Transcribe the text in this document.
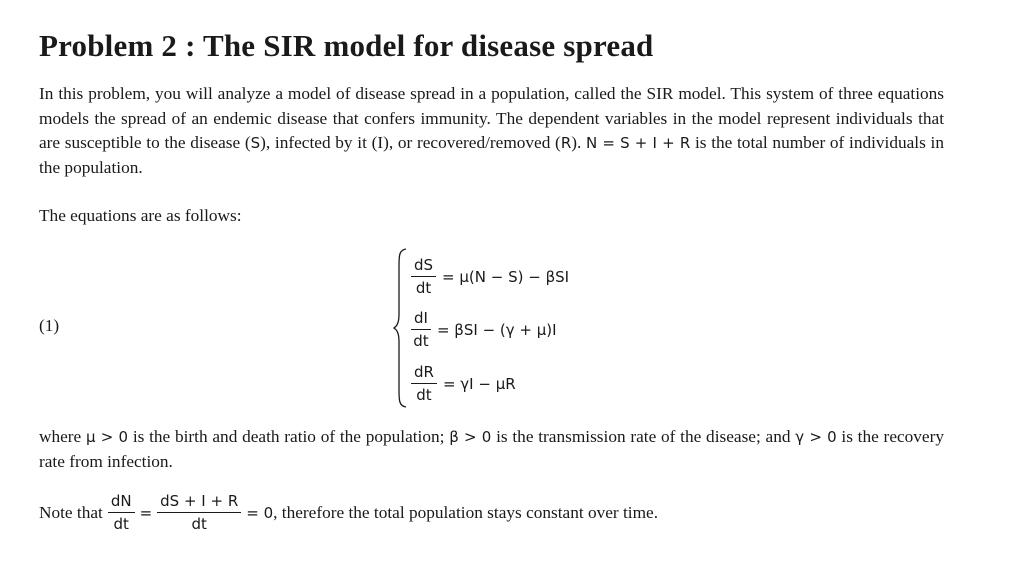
Problem 2 : The SIR model for disease spread

In this problem, you will analyze a model of disease spread in a population, called the SIR model. This system of three equations models the spread of an endemic disease that confers immunity. The dependent variables in the model represent individuals that are susceptible to the disease (S), infected by it (I), or recovered/removed (R). N = S + I + R is the total number of individuals in the population.

The equations are as follows:

(1)
$\frac{dS}{dt} = \mu(N - S) - \beta SI$
$\frac{dI}{dt} = \beta SI - (\gamma + \mu)I$
$\frac{dR}{dt} = \gamma I - \mu R$

where μ > 0 is the birth and death ratio of the population; β > 0 is the transmission rate of the disease; and γ > 0 is the recovery rate from infection.

Note that $\frac{dN}{dt} = \frac{dS + I + R}{dt} = 0$ , therefore the total population stays constant over time.
